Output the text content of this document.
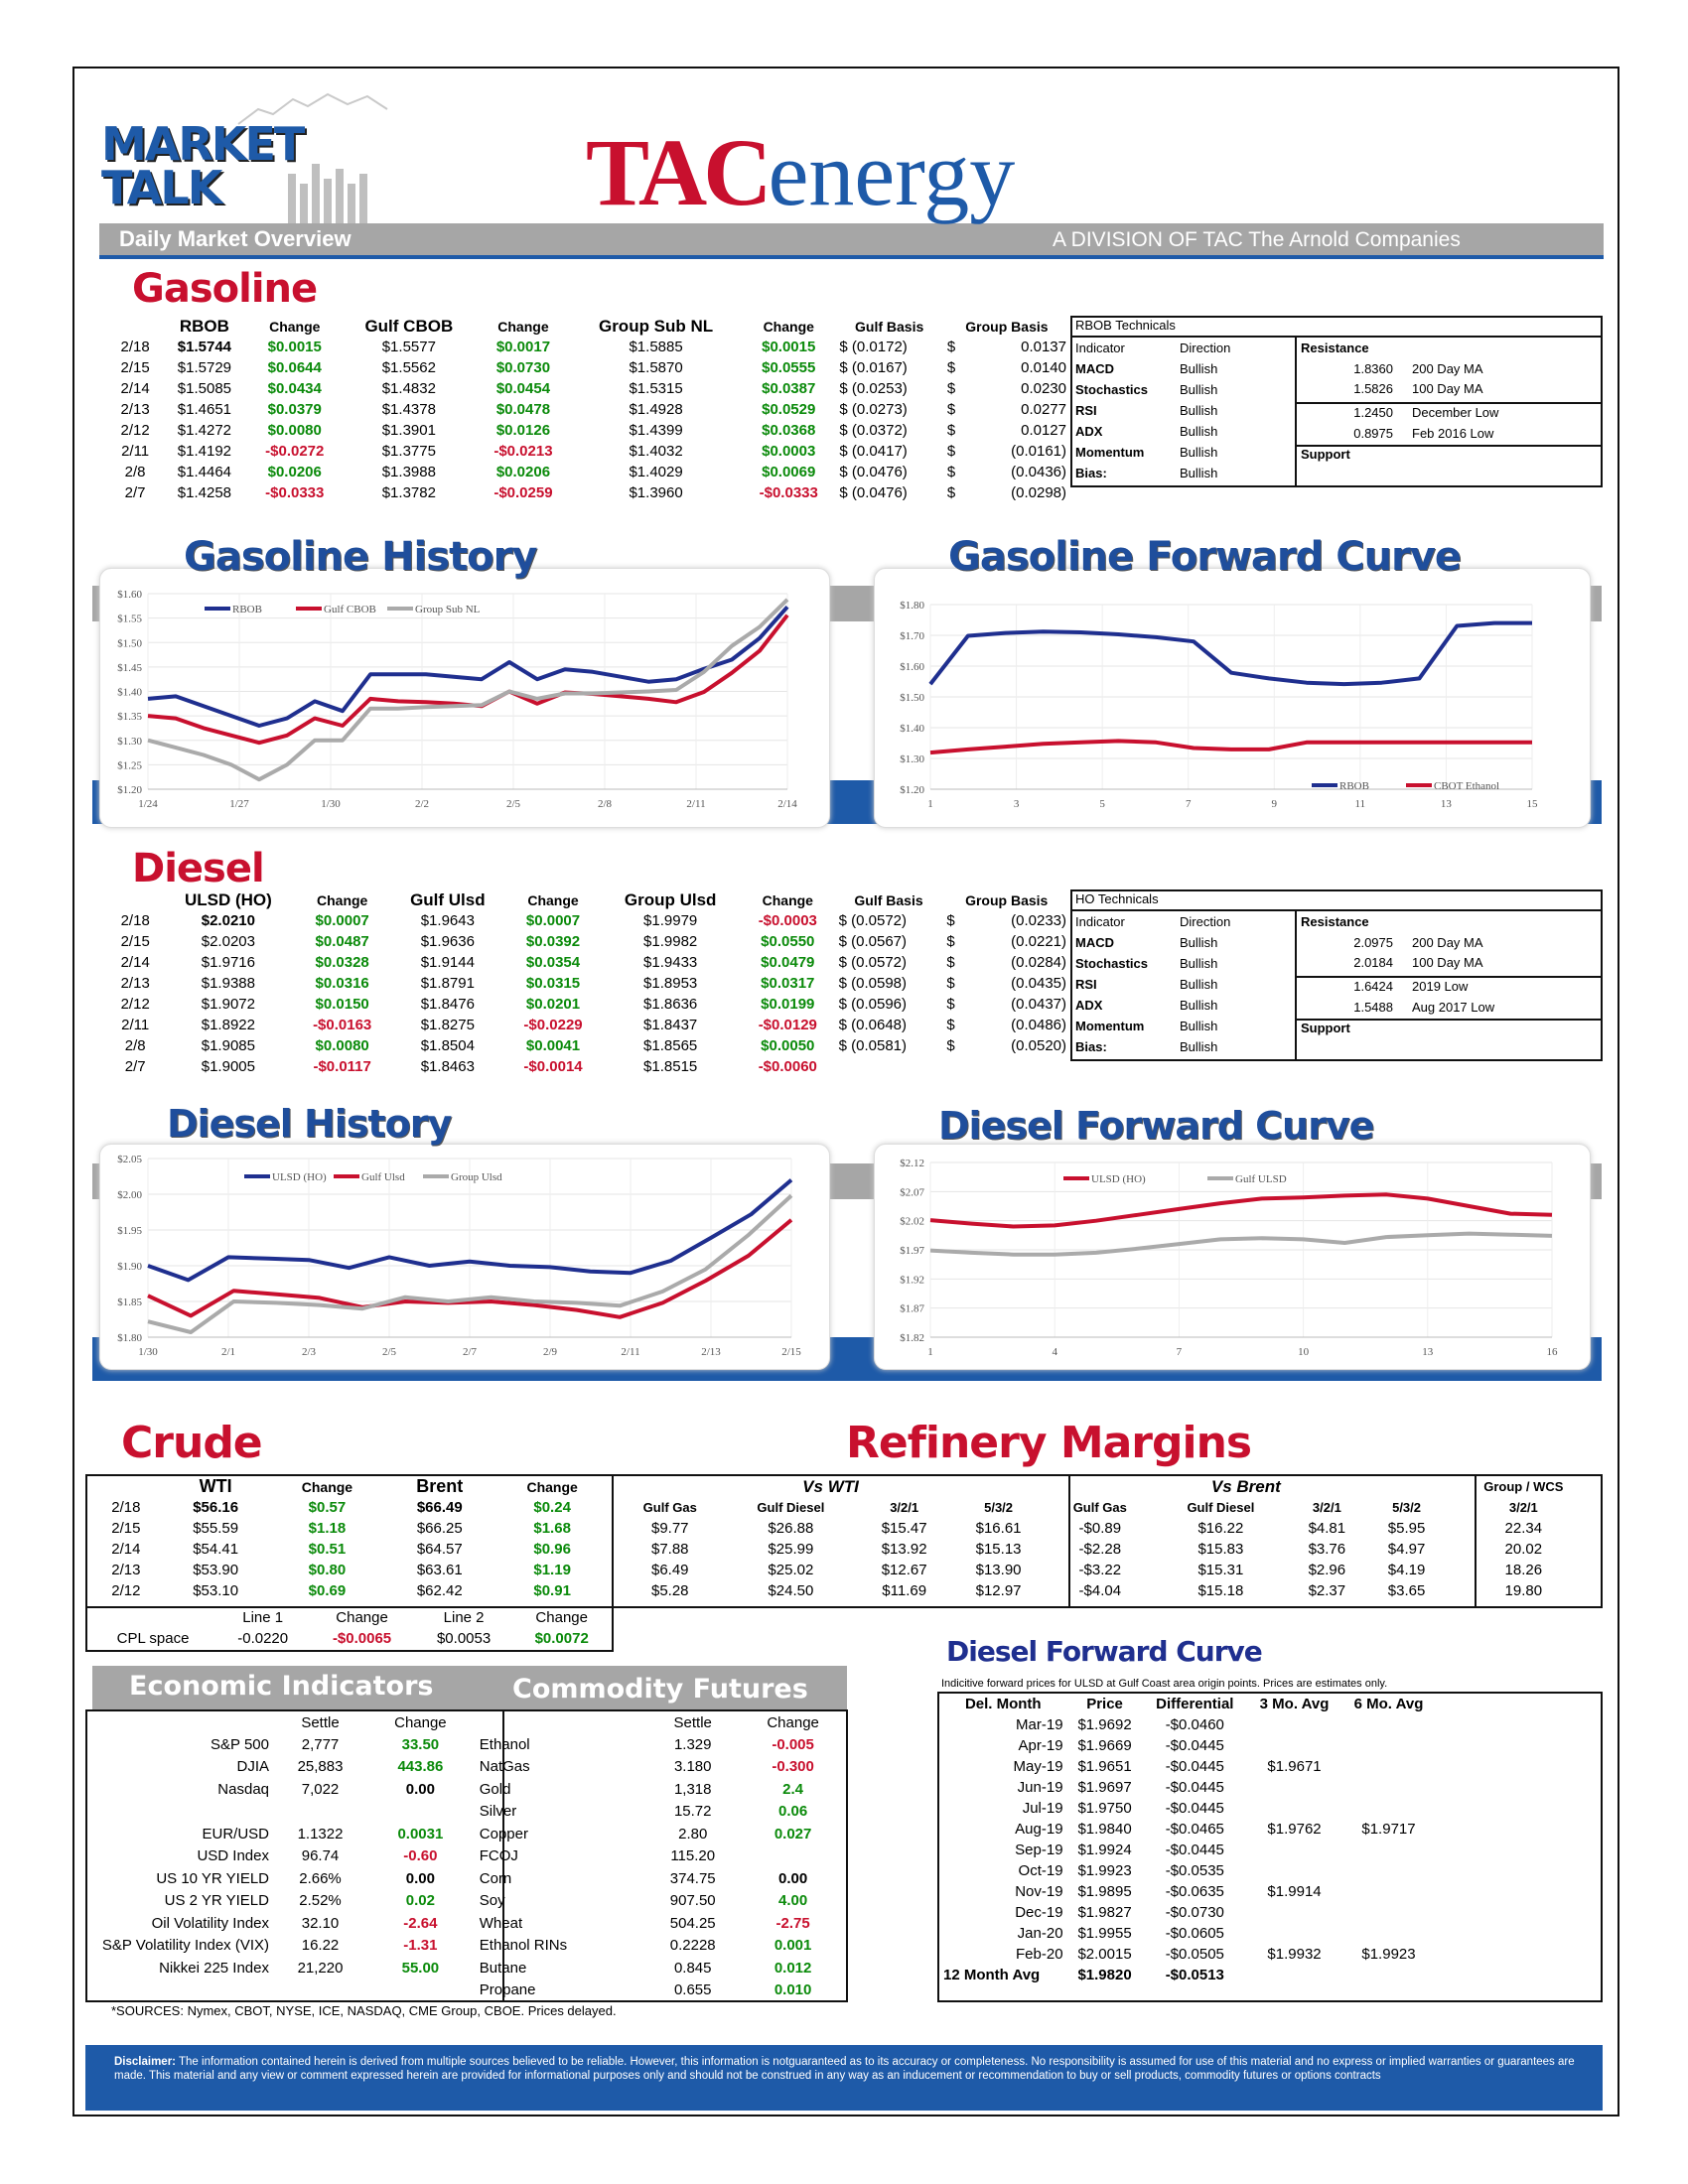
MARKET
TALK
Daily Market Overview
TACenergy
A DIVISION OF TAC The Arnold Companies
Gasoline
	RBOB	Change	Gulf CBOB	Change	Group Sub NL	Change	Gulf Basis	Group Basis	
2/18	$1.5744	$0.0015	$1.5577	$0.0017	$1.5885	$0.0015	$ (0.0172)	$	0.0137
2/15	$1.5729	$0.0644	$1.5562	$0.0730	$1.5870	$0.0555	$ (0.0167)	$	0.0140
2/14	$1.5085	$0.0434	$1.4832	$0.0454	$1.5315	$0.0387	$ (0.0253)	$	0.0230
2/13	$1.4651	$0.0379	$1.4378	$0.0478	$1.4928	$0.0529	$ (0.0273)	$	0.0277
2/12	$1.4272	$0.0080	$1.3901	$0.0126	$1.4399	$0.0368	$ (0.0372)	$	0.0127
2/11	$1.4192	-$0.0272	$1.3775	-$0.0213	$1.4032	$0.0003	$ (0.0417)	$	(0.0161)
2/8	$1.4464	$0.0206	$1.3988	$0.0206	$1.4029	$0.0069	$ (0.0476)	$	(0.0436)
2/7	$1.4258	-$0.0333	$1.3782	-$0.0259	$1.3960	-$0.0333	$ (0.0476)	$	(0.0298)
RBOB Technicals
Indicator	Direction
MACD	Bullish
Stochastics Bullish
RSI	Bullish
ADX	Bullish
Momentum	Bullish
Bias:	Bullish
Resistance
Support
1.8360 200 Day MA
1.5826 100 Day MA
1.2450 December Low
0.8975 Feb 2016 Low
$1.20
$1.25
$1.30
$1.35
$1.40
$1.45
$1.50
$1.55
$1.60
1/24	1/27	1/30	2/2	2/5	2/8	2/11	2/14
RBOB	Gulf CBOB	Group Sub NL
$1.20
$1.30
$1.40
$1.50
$1.60
$1.70
$1.80
1	3	5	7	9	11	13	15
RBOB	CBOT Ethanol
Gasoline History	Gasoline Forward Curve
Diesel
	ULSD (HO)	Change	Gulf Ulsd	Change	Group Ulsd	Change	Gulf Basis	Group Basis	
2/18	$2.0210	$0.0007	$1.9643	$0.0007	$1.9979	-$0.0003	$ (0.0572)	$	(0.0233)
2/15	$2.0203	$0.0487	$1.9636	$0.0392	$1.9982	$0.0550	$ (0.0567)	$	(0.0221)
2/14	$1.9716	$0.0328	$1.9144	$0.0354	$1.9433	$0.0479	$ (0.0572)	$	(0.0284)
2/13	$1.9388	$0.0316	$1.8791	$0.0315	$1.8953	$0.0317	$ (0.0598)	$	(0.0435)
2/12	$1.9072	$0.0150	$1.8476	$0.0201	$1.8636	$0.0199	$ (0.0596)	$	(0.0437)
2/11	$1.8922	-$0.0163	$1.8275	-$0.0229	$1.8437	-$0.0129	$ (0.0648)	$	(0.0486)
2/8	$1.9085	$0.0080	$1.8504	$0.0041	$1.8565	$0.0050	$ (0.0581)	$	(0.0520)
2/7	$1.9005	-$0.0117	$1.8463	-$0.0014	$1.8515	-$0.0060			
HO Technicals
Indicator	Direction
MACD	Bullish
Stochastics Bullish
RSI	Bullish
ADX	Bullish
Momentum	Bullish
Bias:	Bullish
Resistance
Support
2.0975 200 Day MA
2.0184 100 Day MA
1.6424 2019 Low
1.5488 Aug 2017 Low
$1.80
$1.85
$1.90
$1.95
$2.00
$2.05
1/30	2/1	2/3	2/5	2/7	2/9	2/11	2/13	2/15
ULSD (HO)	Gulf Ulsd	Group Ulsd
$1.82
$1.87
$1.92
$1.97
$2.02
$2.07
$2.12
1	4	7	10	13	16
ULSD (HO)	Gulf ULSD
Diesel History	Diesel Forward Curve
Crude	Refinery Margins
	WTI	Change	Brent	Change
2/18	$56.16	$0.57	$66.49	$0.24
2/15	$55.59	$1.18	$66.25	$1.68
2/14	$54.41	$0.51	$64.57	$0.96
2/13	$53.90	$0.80	$63.61	$1.19
2/12	$53.10	$0.69	$62.42	$0.91
Vs WTI				Vs Brent				Group / WCS
Gulf Gas	Gulf Diesel	3/2/1	5/3/2	Gulf Gas	Gulf Diesel	3/2/1	5/3/2	3/2/1
$9.77	$26.88	$15.47	$16.61	-$0.89	$16.22	$4.81	$5.95	22.34
$7.88	$25.99	$13.92	$15.13	-$2.28	$15.83	$3.76	$4.97	20.02
$6.49	$25.02	$12.67	$13.90	-$3.22	$15.31	$2.96	$4.19	18.26
$5.28	$24.50	$11.69	$12.97	-$4.04	$15.18	$2.37	$3.65	19.80
	Line 1	Change	Line 2	Change
CPL space	-0.0220	-$0.0065	$0.0053	$0.0072
Economic Indicators	Commodity Futures
	Settle	Change		Settle	Change
S&P 500	2,777	33.50	Ethanol	1.329	-0.005
DJIA	25,883	443.86	NatGas	3.180	-0.300
Nasdaq	7,022	0.00	Gold	1,318	2.4
			Silver	15.72	0.06
EUR/USD	1.1322	0.0031	Copper	2.80	0.027
USD Index	96.74	-0.60	FCOJ	115.20	
US 10 YR YIELD	2.66%	0.00	Corn	374.75	0.00
US 2 YR YIELD	2.52%	0.02	Soy	907.50	4.00
Oil Volatility Index	32.10	-2.64	Wheat	504.25	-2.75
S&P Volatility Index (VIX)	16.22	-1.31	Ethanol RINs	0.2228	0.001
Nikkei 225 Index	21,220	55.00	Butane	0.845	0.012
			Propane	0.655	0.010
*SOURCES: Nymex, CBOT, NYSE, ICE, NASDAQ, CME Group, CBOE. Prices delayed.
Diesel Forward Curve
Indicitive forward prices for ULSD at Gulf Coast area origin points. Prices are estimates only.
Del. Month	Price	Differential	3 Mo. Avg	6 Mo. Avg
Mar-19	$1.9692	-$0.0460		
Apr-19	$1.9669	-$0.0445		
May-19	$1.9651	-$0.0445	$1.9671	
Jun-19	$1.9697	-$0.0445		
Jul-19	$1.9750	-$0.0445		
Aug-19	$1.9840	-$0.0465	$1.9762	$1.9717
Sep-19	$1.9924	-$0.0445		
Oct-19	$1.9923	-$0.0535		
Nov-19	$1.9895	-$0.0635	$1.9914	
Dec-19	$1.9827	-$0.0730		
Jan-20	$1.9955	-$0.0605		
Feb-20	$2.0015	-$0.0505	$1.9932	$1.9923
12 Month Avg	$1.9820	-$0.0513		
Disclaimer: The information contained herein is derived from multiple sources believed to be reliable. However, this information is notguaranteed as to its accuracy or completeness. No responsibility is assumed for use of this material and no express or implied warranties or guarantees are made. This material and any view or comment expressed herein are provided for informational purposes only and should not be construed in any way as an inducement or recommendation to buy or sell products, commodity futures or options contracts
